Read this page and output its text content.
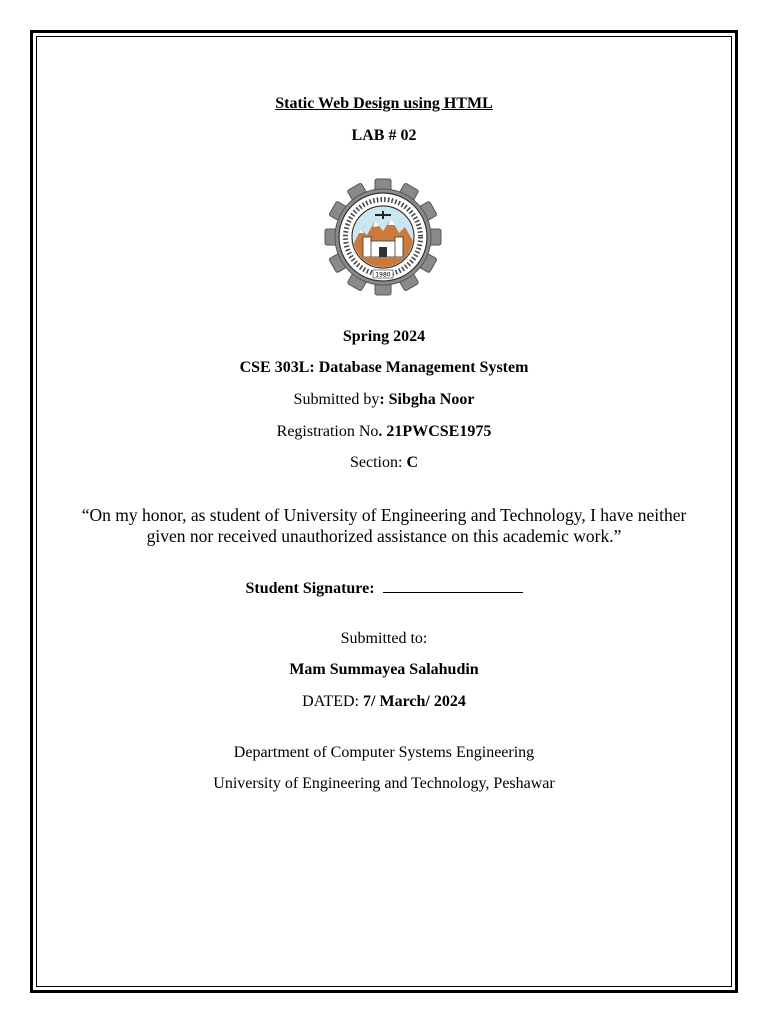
Static Web Design using HTML
LAB # 02
1980
Spring 2024
CSE 303L: Database Management System
Submitted by: Sibgha Noor
Registration No. 21PWCSE1975
Section: C
“On my honor, as student of University of Engineering and Technology, I have neither given nor received unauthorized assistance on this academic work.”
Student Signature:
Submitted to:
Mam Summayea Salahudin
DATED: 7/ March/ 2024
Department of Computer Systems Engineering
University of Engineering and Technology, Peshawar
